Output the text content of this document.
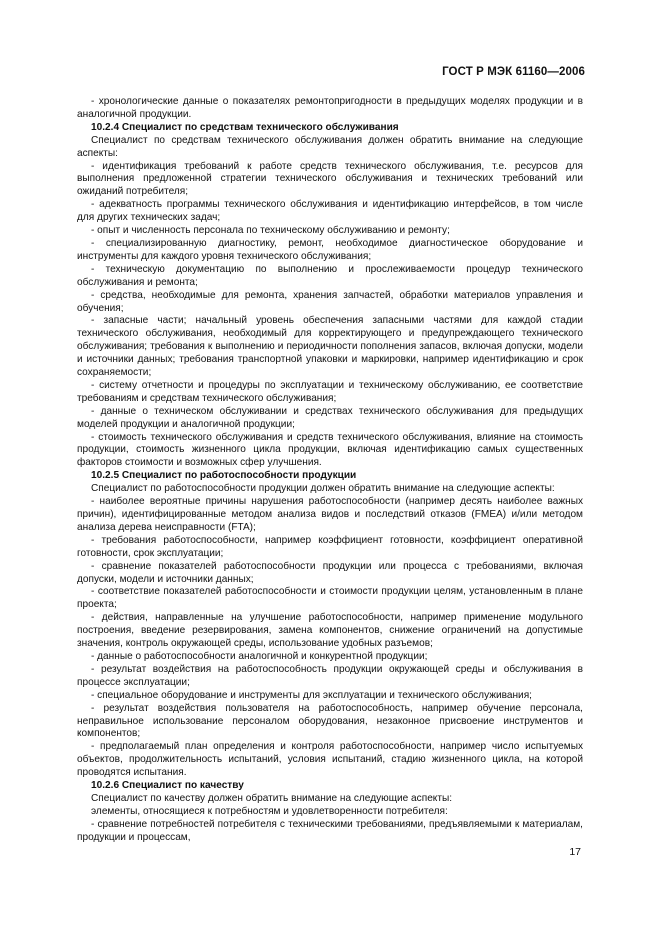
ГОСТ Р МЭК 61160—2006

- хронологические данные о показателях ремонтопригодности в предыдущих моделях продукции и в аналогичной продукции.

10.2.4 Специалист по средствам технического обслуживания

Специалист по средствам технического обслуживания должен обратить внимание на следующие аспекты:

- идентификация требований к работе средств технического обслуживания, т.е. ресурсов для выполнения предложенной стратегии технического обслуживания и технических требований или ожиданий потребителя;

- адекватность программы технического обслуживания и идентификацию интерфейсов, в том числе для других технических задач;

- опыт и численность персонала по техническому обслуживанию и ремонту;

- специализированную диагностику, ремонт, необходимое диагностическое оборудование и инструменты для каждого уровня технического обслуживания;

- техническую документацию по выполнению и прослеживаемости процедур технического обслуживания и ремонта;

- средства, необходимые для ремонта, хранения запчастей, обработки материалов управления и обучения;

- запасные части; начальный уровень обеспечения запасными частями для каждой стадии технического обслуживания, необходимый для корректирующего и предупреждающего технического обслуживания; требования к выполнению и периодичности пополнения запасов, включая допуски, модели и источники данных; требования транспортной упаковки и маркировки, например идентификацию и срок сохраняемости;

- систему отчетности и процедуры по эксплуатации и техническому обслуживанию, ее соответствие требованиям и средствам технического обслуживания;

- данные о техническом обслуживании и средствах технического обслуживания для предыдущих моделей продукции и аналогичной продукции;

- стоимость технического обслуживания и средств технического обслуживания, влияние на стоимость продукции, стоимость жизненного цикла продукции, включая идентификацию самых существенных факторов стоимости и возможных сфер улучшения.

10.2.5 Специалист по работоспособности продукции

Специалист по работоспособности продукции должен обратить внимание на следующие аспекты:

- наиболее вероятные причины нарушения работоспособности (например десять наиболее важных причин), идентифицированные методом анализа видов и последствий отказов (FMEA) и/или методом анализа дерева неисправности (FTA);

- требования работоспособности, например коэффициент готовности, коэффициент оперативной готовности, срок эксплуатации;

- сравнение показателей работоспособности продукции или процесса с требованиями, включая допуски, модели и источники данных;

- соответствие показателей работоспособности и стоимости продукции целям, установленным в плане проекта;

- действия, направленные на улучшение работоспособности, например применение модульного построения, введение резервирования, замена компонентов, снижение ограничений на допустимые значения, контроль окружающей среды, использование удобных разъемов;

- данные о работоспособности аналогичной и конкурентной продукции;

- результат воздействия на работоспособность продукции окружающей среды и обслуживания в процессе эксплуатации;

- специальное оборудование и инструменты для эксплуатации и технического обслуживания;

- результат воздействия пользователя на работоспособность, например обучение персонала, неправильное использование персоналом оборудования, незаконное присвоение инструментов и компонентов;

- предполагаемый план определения и контроля работоспособности, например число испытуемых объектов, продолжительность испытаний, условия испытаний, стадию жизненного цикла, на которой проводятся испытания.

10.2.6 Специалист по качеству

Специалист по качеству должен обратить внимание на следующие аспекты:

элементы, относящиеся к потребностям и удовлетворенности потребителя:

- сравнение потребностей потребителя с техническими требованиями, предъявляемыми к материалам, продукции и процессам,

17
